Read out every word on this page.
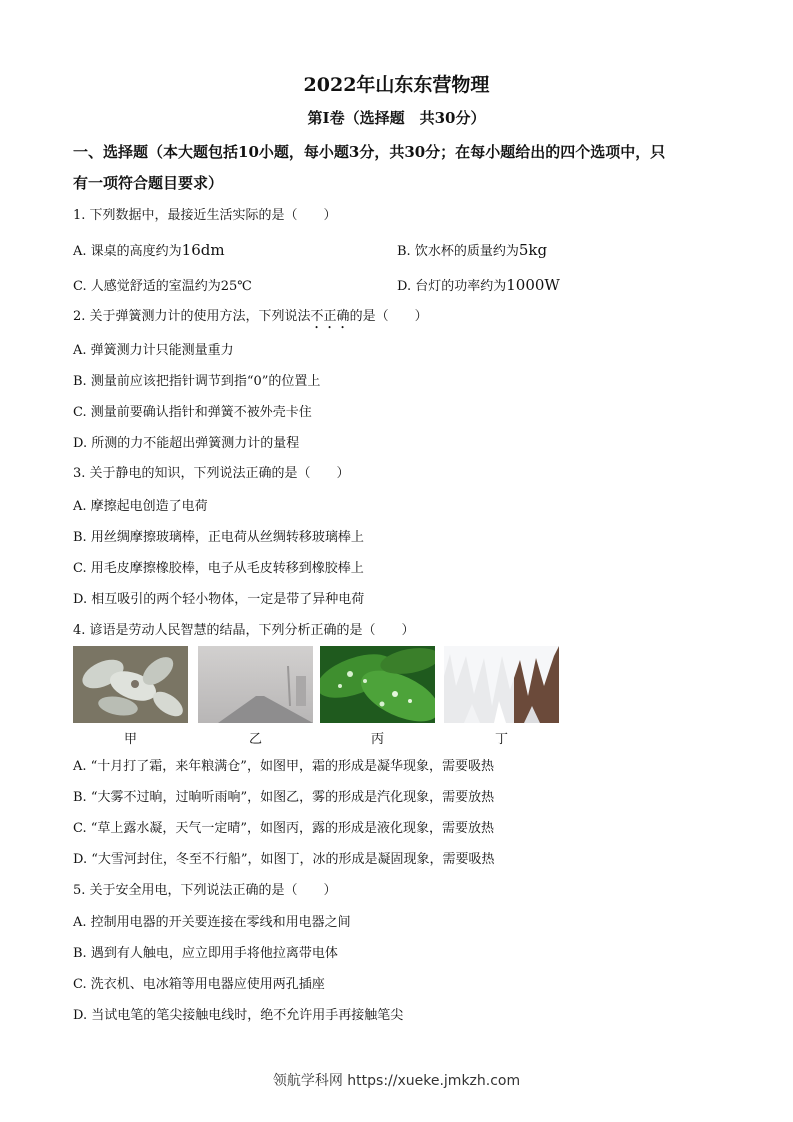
2022年山东东营物理
第Ⅰ卷（选择题　共30分）
一、选择题（本大题包括10小题，每小题3分，共30分；在每小题给出的四个选项中，只
有一项符合题目要求）
1. 下列数据中，最接近生活实际的是（　　）
A. 课桌的高度约为16dm	B. 饮水杯的质量约为5kg
C. 人感觉舒适的室温约为25℃	D. 台灯的功率约为1000W
2. 关于弹簧测力计的使用方法，下列说法不正确的是（　　）
A. 弹簧测力计只能测量重力
B. 测量前应该把指针调节到指“0”的位置上
C. 测量前要确认指针和弹簧不被外壳卡住
D. 所测的力不能超出弹簧测力计的量程
3. 关于静电的知识，下列说法正确的是（　　）
A. 摩擦起电创造了电荷
B. 用丝绸摩擦玻璃棒，正电荷从丝绸转移玻璃棒上
C. 用毛皮摩擦橡胶棒，电子从毛皮转移到橡胶棒上
D. 相互吸引的两个轻小物体，一定是带了异种电荷
4. 谚语是劳动人民智慧的结晶，下列分析正确的是（　　）
甲	乙	丙	丁
A. “十月打了霜，来年粮满仓”，如图甲，霜的形成是凝华现象，需要吸热
B. “大雾不过晌，过晌听雨响”，如图乙，雾的形成是汽化现象，需要放热
C. “草上露水凝，天气一定晴”，如图丙，露的形成是液化现象，需要放热
D. “大雪河封住，冬至不行船”，如图丁，冰的形成是凝固现象，需要吸热
5. 关于安全用电，下列说法正确的是（　　）
A. 控制用电器的开关要连接在零线和用电器之间
B. 遇到有人触电，应立即用手将他拉离带电体
C. 洗衣机、电冰箱等用电器应使用两孔插座
D. 当试电笔的笔尖接触电线时，绝不允许用手再接触笔尖
领航学科网 https://xueke.jmkzh.com
